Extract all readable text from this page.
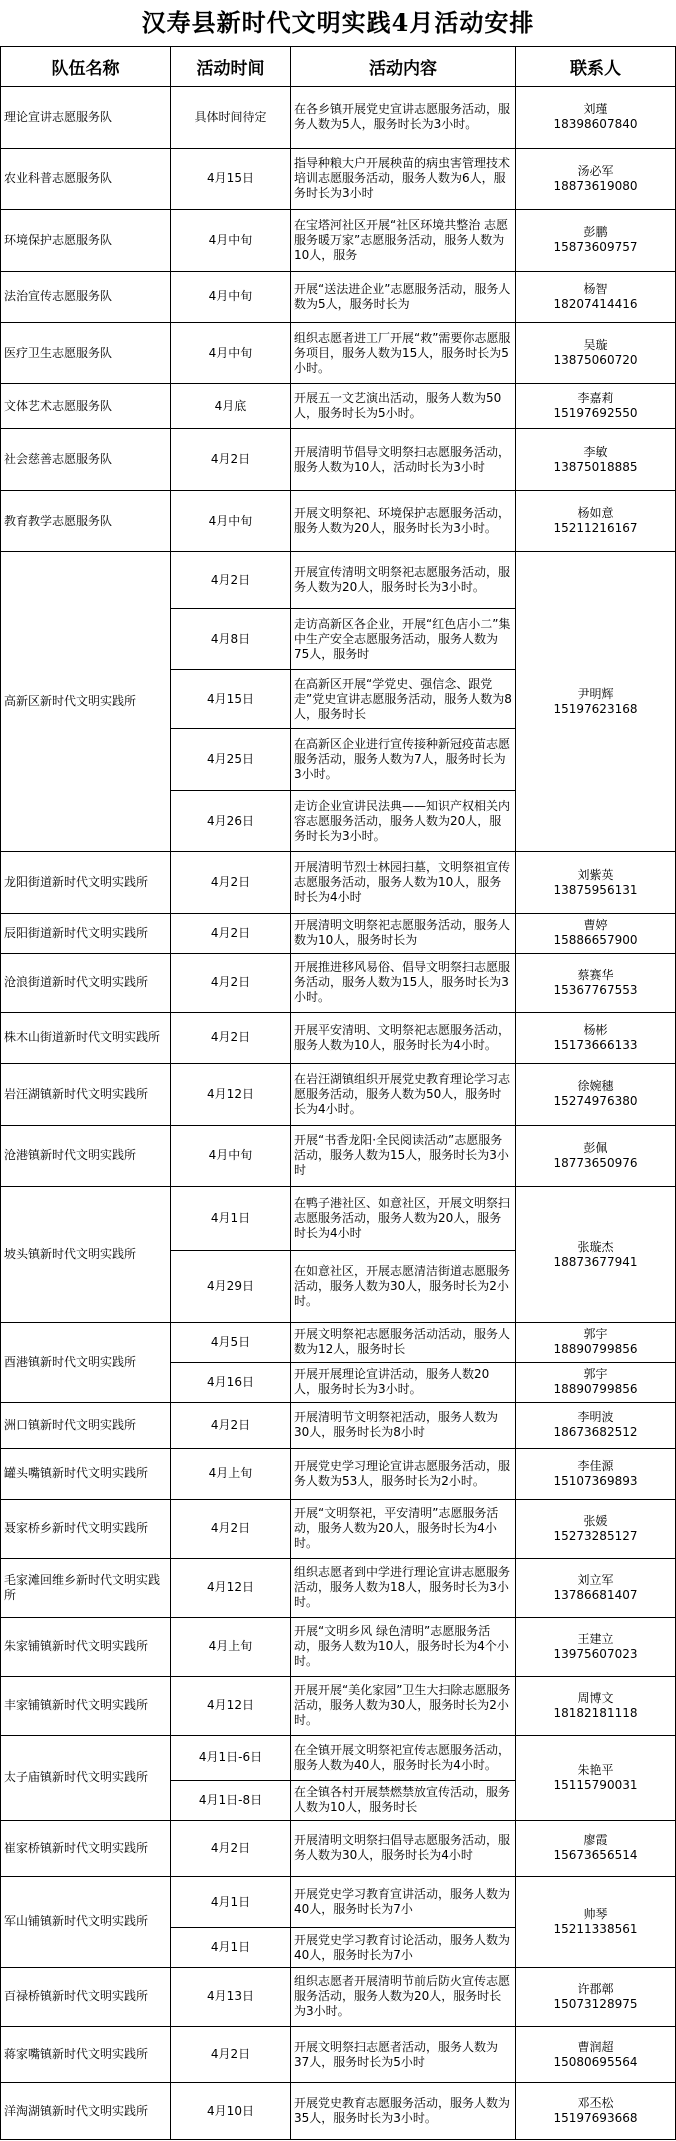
汉寿县新时代文明实践4月活动安排
队伍名称	活动时间	活动内容	联系人
理论宣讲志愿服务队	具体时间待定	在各乡镇开展党史宣讲志愿服务活动，服务人数为5人，服务时长为3小时。	刘瑾
18398607840

农业科普志愿服务队	4月15日	指导种粮大户开展秧苗的病虫害管理技术培训志愿服务活动，服务人数为6人，服务时长为3小时	汤必军
18873619080

环境保护志愿服务队	4月中旬	在宝塔河社区开展“社区环境共整治 志愿服务暖万家”志愿服务活动，服务人数为10人，服务	彭鹏
15873609757

法治宣传志愿服务队	4月中旬	开展“送法进企业”志愿服务活动，服务人数为5人，服务时长为	杨智
18207414416

医疗卫生志愿服务队	4月中旬	组织志愿者进工厂开展“救”需要你志愿服务项目，服务人数为15人，服务时长为5小时。	吴璇
13875060720

文体艺术志愿服务队	4月底	开展五一文艺演出活动，服务人数为50人，服务时长为5小时。	李嘉莉
15197692550

社会慈善志愿服务队	4月2日	开展清明节倡导文明祭扫志愿服务活动，服务人数为10人，活动时长为3小时	李敏
13875018885

教育教学志愿服务队	4月中旬	开展文明祭祀、环境保护志愿服务活动，服务人数为20人，服务时长为3小时。	杨如意
15211216167

高新区新时代文明实践所	4月2日	开展宣传清明文明祭祀志愿服务活动，服务人数为20人，服务时长为3小时。	尹明辉
15197623168

	4月8日	走访高新区各企业，开展“红色店小二”集中生产安全志愿服务活动，服务人数为75人，服务时	
	4月15日	在高新区开展“学党史、强信念、跟党走”党史宣讲志愿服务活动，服务人数为8人，服务时长	
	4月25日	在高新区企业进行宣传接种新冠疫苗志愿服务活动，服务人数为7人，服务时长为3小时。	
	4月26日	走访企业宣讲民法典——知识产权相关内容志愿服务活动，服务人数为20人，服务时长为3小时。	
龙阳街道新时代文明实践所	4月2日	开展清明节烈士林园扫墓，文明祭祖宣传志愿服务活动，服务人数为10人，服务时长为4小时	刘紫英
13875956131

辰阳街道新时代文明实践所	4月2日	开展清明文明祭祀志愿服务活动，服务人数为10人，服务时长为	曹婷
15886657900

沧浪街道新时代文明实践所	4月2日	开展推进移风易俗、倡导文明祭扫志愿服务活动，服务人数为15人，服务时长为3小时。	蔡赛华
15367767553

株木山街道新时代文明实践所	4月2日	开展平安清明、文明祭祀志愿服务活动，服务人数为10人，服务时长为4小时。	杨彬
15173666133

岩汪湖镇新时代文明实践所	4月12日	在岩汪湖镇组织开展党史教育理论学习志愿服务活动，服务人数为50人，服务时长为4小时。	徐婉穗
15274976380

沧港镇新时代文明实践所	4月中旬	开展“书香龙阳·全民阅读活动”志愿服务活动，服务人数为15人，服务时长为3小时	彭佩
18773650976

坡头镇新时代文明实践所	4月1日	在鸭子港社区、如意社区，开展文明祭扫志愿服务活动，服务人数为20人，服务时长为4小时	张璇杰
18873677941

	4月29日	在如意社区，开展志愿清洁街道志愿服务活动，服务人数为30人，服务时长为2小时。	
酉港镇新时代文明实践所	4月5日	开展文明祭祀志愿服务活动活动，服务人数为12人，服务时长	郭宇
18890799856

	4月16日	开展开展理论宣讲活动，服务人数20人，服务时长为3小时。	郭宇
18890799856

洲口镇新时代文明实践所	4月2日	开展清明节文明祭祀活动，服务人数为30人，服务时长为8小时	李明波
18673682512

罐头嘴镇新时代文明实践所	4月上旬	开展党史学习理论宣讲志愿服务活动，服务人数为53人，服务时长为2小时。	李佳源
15107369893

聂家桥乡新时代文明实践所	4月2日	开展“文明祭祀，平安清明”志愿服务活动，服务人数为20人，服务时长为4小时。	张媛
15273285127

毛家滩回维乡新时代文明实践所	4月12日	组织志愿者到中学进行理论宣讲志愿服务活动，服务人数为18人，服务时长为3小时。	刘立军
13786681407

朱家铺镇新时代文明实践所	4月上旬	开展“文明乡风 绿色清明”志愿服务活动，服务人数为10人，服务时长为4个小时。	王建立
13975607023

丰家铺镇新时代文明实践所	4月12日	开展开展“美化家园”卫生大扫除志愿服务活动，服务人数为30人，服务时长为2小时。	周博文
18182181118

太子庙镇新时代文明实践所	4月1日-6日	在全镇开展文明祭祀宣传志愿服务活动，服务人数为40人，服务时长为4小时。	朱艳平
15115790031

	4月1日-8日	在全镇各村开展禁燃禁放宣传活动，服务人数为10人，服务时长	
崔家桥镇新时代文明实践所	4月2日	开展清明文明祭扫倡导志愿服务活动，服务人数为30人，服务时长为4小时	廖霞
15673656514

军山铺镇新时代文明实践所	4月1日	开展党史学习教育宣讲活动，服务人数为40人，服务时长为7小	帅琴
15211338561

	4月1日	开展党史学习教育讨论活动，服务人数为40人，服务时长为7小	
百禄桥镇新时代文明实践所	4月13日	组织志愿者开展清明节前后防火宣传志愿服务活动，服务人数为20人，服务时长为3小时。	许郡鄣
15073128975

蒋家嘴镇新时代文明实践所	4月2日	开展文明祭扫志愿者活动，服务人数为37人，服务时长为5小时	曹润超
15080695564

洋淘湖镇新时代文明实践所	4月10日	开展党史教育志愿服务活动，服务人数为35人，服务时长为3小时。	邓丕松
15197693668
